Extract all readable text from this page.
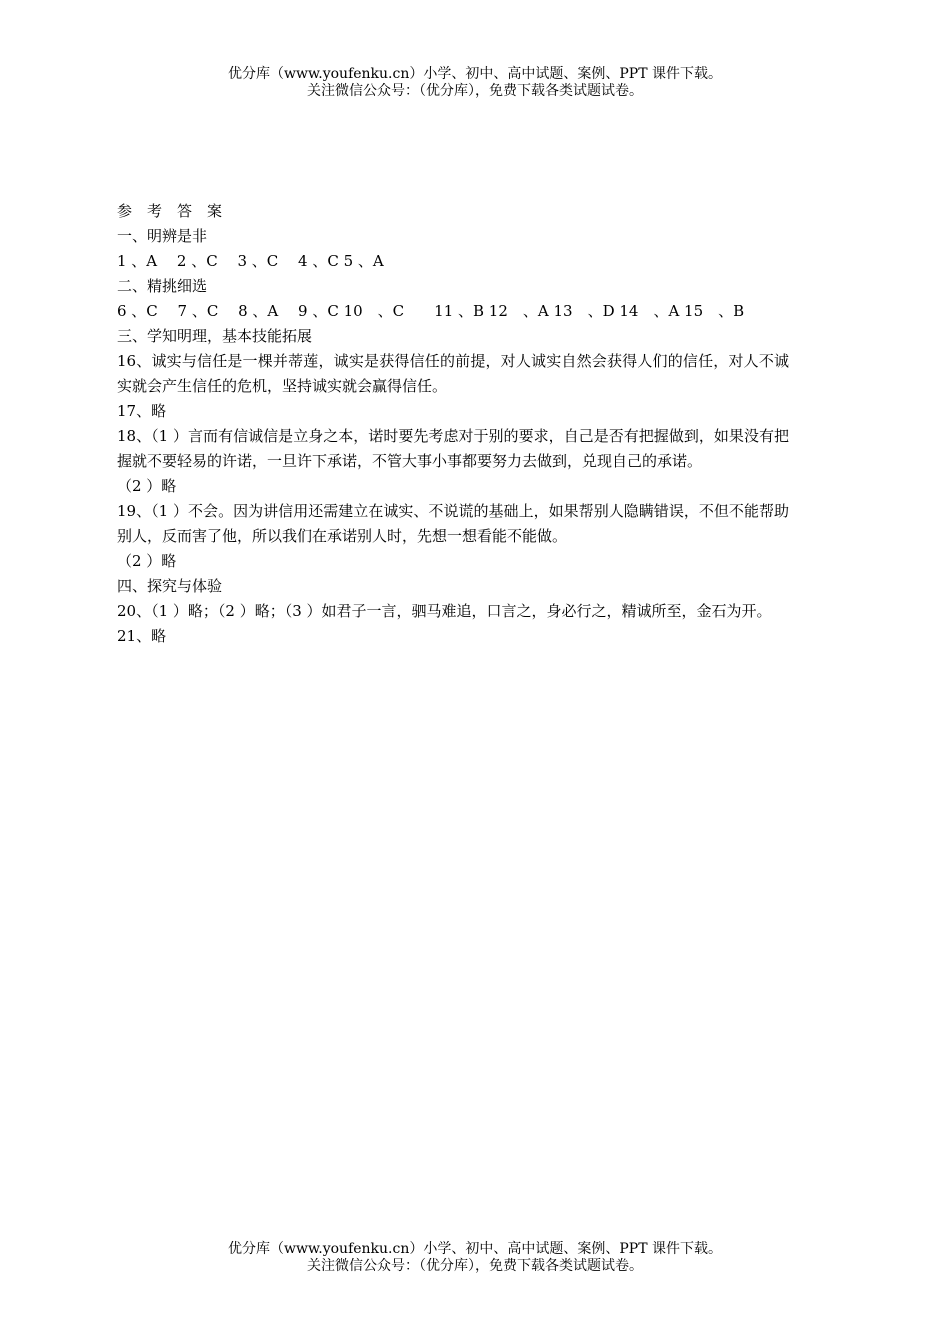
优分库（www.youfenku.cn）小学、初中、高中试题、案例、PPT 课件下载。
关注微信公众号：（优分库），免费下载各类试题试卷。
参　考　答　案
一、明辨是非
1 、A　 2 、C　 3 、C　 4 、C 5 、A
二、精挑细选
6 、C　 7 、C　 8 、A　 9 、C 10　、C　　11 、B 12　、A 13　、D 14　、A 15　、B
三、学知明理，基本技能拓展
16、诚实与信任是一棵并蒂莲，诚实是获得信任的前提，对人诚实自然会获得人们的信任，对人不诚实就会产生信任的危机，坚持诚实就会赢得信任。
17、略
18、（1 ）言而有信诚信是立身之本，诺时要先考虑对于别的要求，自己是否有把握做到，如果没有把握就不要轻易的许诺，一旦许下承诺，不管大事小事都要努力去做到，兑现自己的承诺。
（2 ）略
19、（1 ）不会。因为讲信用还需建立在诚实、不说谎的基础上，如果帮别人隐瞒错误，不但不能帮助别人，反而害了他，所以我们在承诺别人时，先想一想看能不能做。
（2 ）略
四、探究与体验
20、（1 ）略；（2 ）略；（3 ）如君子一言，驷马难追，口言之，身必行之，精诚所至，金石为开。
21、略
优分库（www.youfenku.cn）小学、初中、高中试题、案例、PPT 课件下载。
关注微信公众号：（优分库），免费下载各类试题试卷。
